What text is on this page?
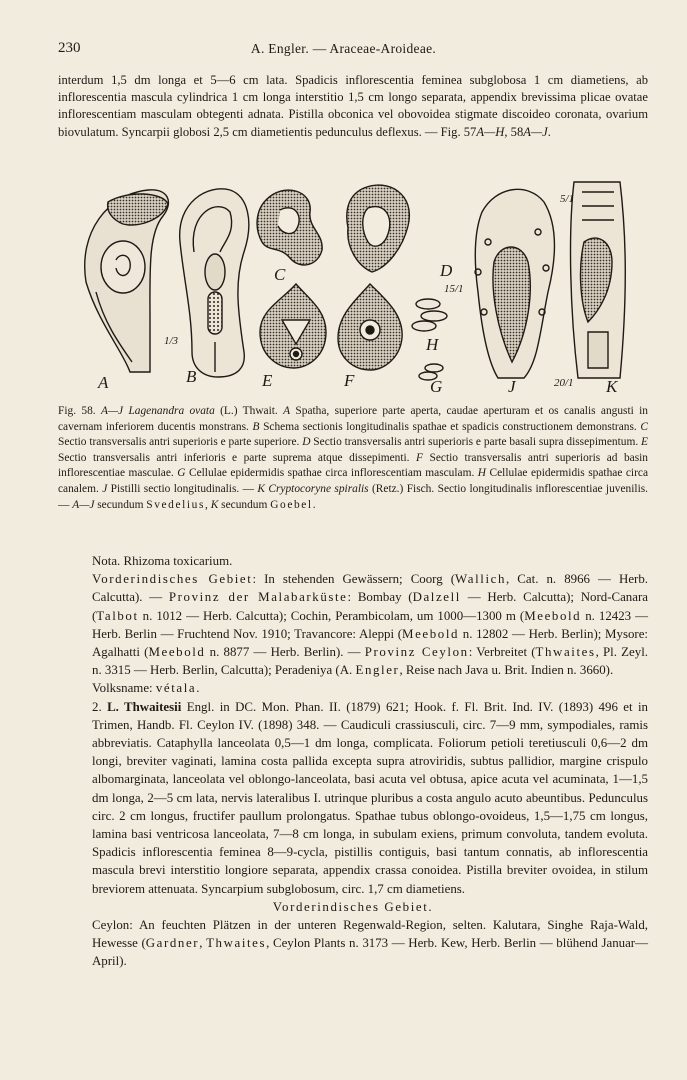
230	A. Engler. — Araceae-Aroideae.
interdum 1,5 dm longa et 5—6 cm lata. Spadicis inflorescentia feminea subglobosa 1 cm diametiens, ab inflorescentia mascula cylindrica 1 cm longa interstitio 1,5 cm longo separata, appendix brevissima plicae ovatae inflorescentiam masculam obtegenti adnata. Pistilla obconica vel obovoidea stigmate discoideo coronata, ovarium biovulatum. Syncarpii globosi 2,5 cm diametientis pedunculus deflexus. — Fig. 57A—H, 58A—J.
A	B
C	D
E	F	G
H
J	K
1/3
15/1
20/1
5/1
Fig. 58. A—J Lagenandra ovata (L.) Thwait. A Spatha, superiore parte aperta, caudae aperturam et os canalis angusti in cavernam inferiorem ducentis monstrans. B Schema sectionis longitudinalis spathae et spadicis constructionem demonstrans. C Sectio transversalis antri superioris e parte superiore. D Sectio transversalis antri superioris e parte basali supra dissepimentum. E Sectio transversalis antri inferioris e parte suprema atque dissepimenti. F Sectio transversalis antri superioris ad basin inflorescentiae masculae. G Cellulae epidermidis spathae circa inflorescentiam masculam. H Cellulae epidermidis spathae circa canalem. J Pistilli sectio longitudinalis. — K Cryptocoryne spiralis (Retz.) Fisch. Sectio longitudinalis inflorescentiae juvenilis. — A—J secundum Svedelius, K secundum Goebel.

Nota. Rhizoma toxicarium.

Vorderindisches Gebiet: In stehenden Gewässern; Coorg (Wallich, Cat. n. 8966 — Herb. Calcutta). — Provinz der Malabarküste: Bombay (Dalzell — Herb. Calcutta); Nord-Canara (Talbot n. 1012 — Herb. Calcutta); Cochin, Perambicolam, um 1000—1300 m (Meebold n. 12423 — Herb. Berlin — Fruchtend Nov. 1910; Travancore: Aleppi (Meebold n. 12802 — Herb. Berlin); Mysore: Agalhatti (Meebold n. 8877 — Herb. Berlin). — Provinz Ceylon: Verbreitet (Thwaites, Pl. Zeyl. n. 3315 — Herb. Berlin, Calcutta); Peradeniya (A. Engler, Reise nach Java u. Brit. Indien n. 3660).

Volksname: vétala.

2. L. Thwaitesii Engl. in DC. Mon. Phan. II. (1879) 621; Hook. f. Fl. Brit. Ind. IV. (1893) 496 et in Trimen, Handb. Fl. Ceylon IV. (1898) 348. — Caudiculi crassiusculi, circ. 7—9 mm, sympodiales, ramis abbreviatis. Cataphylla lanceolata 0,5—1 dm longa, complicata. Foliorum petioli teretiusculi 0,6—2 dm longi, breviter vaginati, lamina costa pallida excepta supra atroviridis, subtus pallidior, margine crispulo albomarginata, lanceolata vel oblongo-lanceolata, basi acuta vel obtusa, apice acuta vel acuminata, 1—1,5 dm longa, 2—5 cm lata, nervis lateralibus I. utrinque pluribus a costa angulo acuto abeuntibus. Pedunculus circ. 2 cm longus, fructifer paullum prolongatus. Spathae tubus oblongo-ovoideus, 1,5—1,75 cm longus, lamina basi ventricosa lanceolata, 7—8 cm longa, in subulam exiens, primum convoluta, tandem evoluta. Spadicis inflorescentia feminea 8—9-cycla, pistillis contiguis, basi tantum connatis, ab inflorescentia mascula brevi interstitio longiore separata, appendix crassa conoidea. Pistilla breviter ovoidea, in stilum breviorem attenuata. Syncarpium subglobosum, circ. 1,7 cm diametiens.

Vorderindisches Gebiet.

Ceylon: An feuchten Plätzen in der unteren Regenwald-Region, selten. Kalutara, Singhe Raja-Wald, Hewesse (Gardner, Thwaites, Ceylon Plants n. 3173 — Herb. Kew, Herb. Berlin — blühend Januar—April).
